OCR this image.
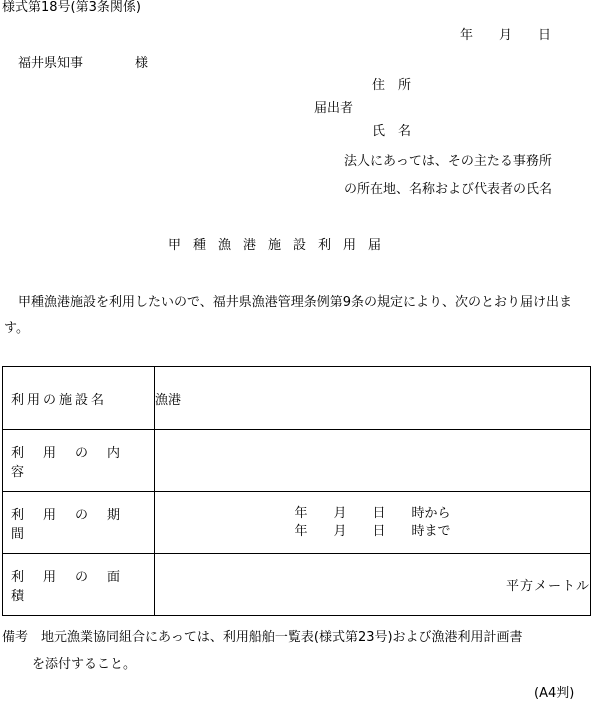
様式第18号(第3条関係)
年　　月　　日
福井県知事　　　　様
住　所
届出者
氏　名
法人にあっては、その主たる事務所
の所在地、名称および代表者の氏名
甲種漁港施設利用届
甲種漁港施設を利用したいので、福井県漁港管理条例第9条の規定により、次のとおり届け出ます。
利用の施設名	漁港
利　用　の　内　容	
利　用　の　期　間	年　　月　　日　　時から
年　　月　　日　　時まで

利　用　の　面　積	平方メートル
備考　地元漁業協同組合にあっては、利用船舶一覧表(様式第23号)および漁港利用計画書
を添付すること。
(A4判)
